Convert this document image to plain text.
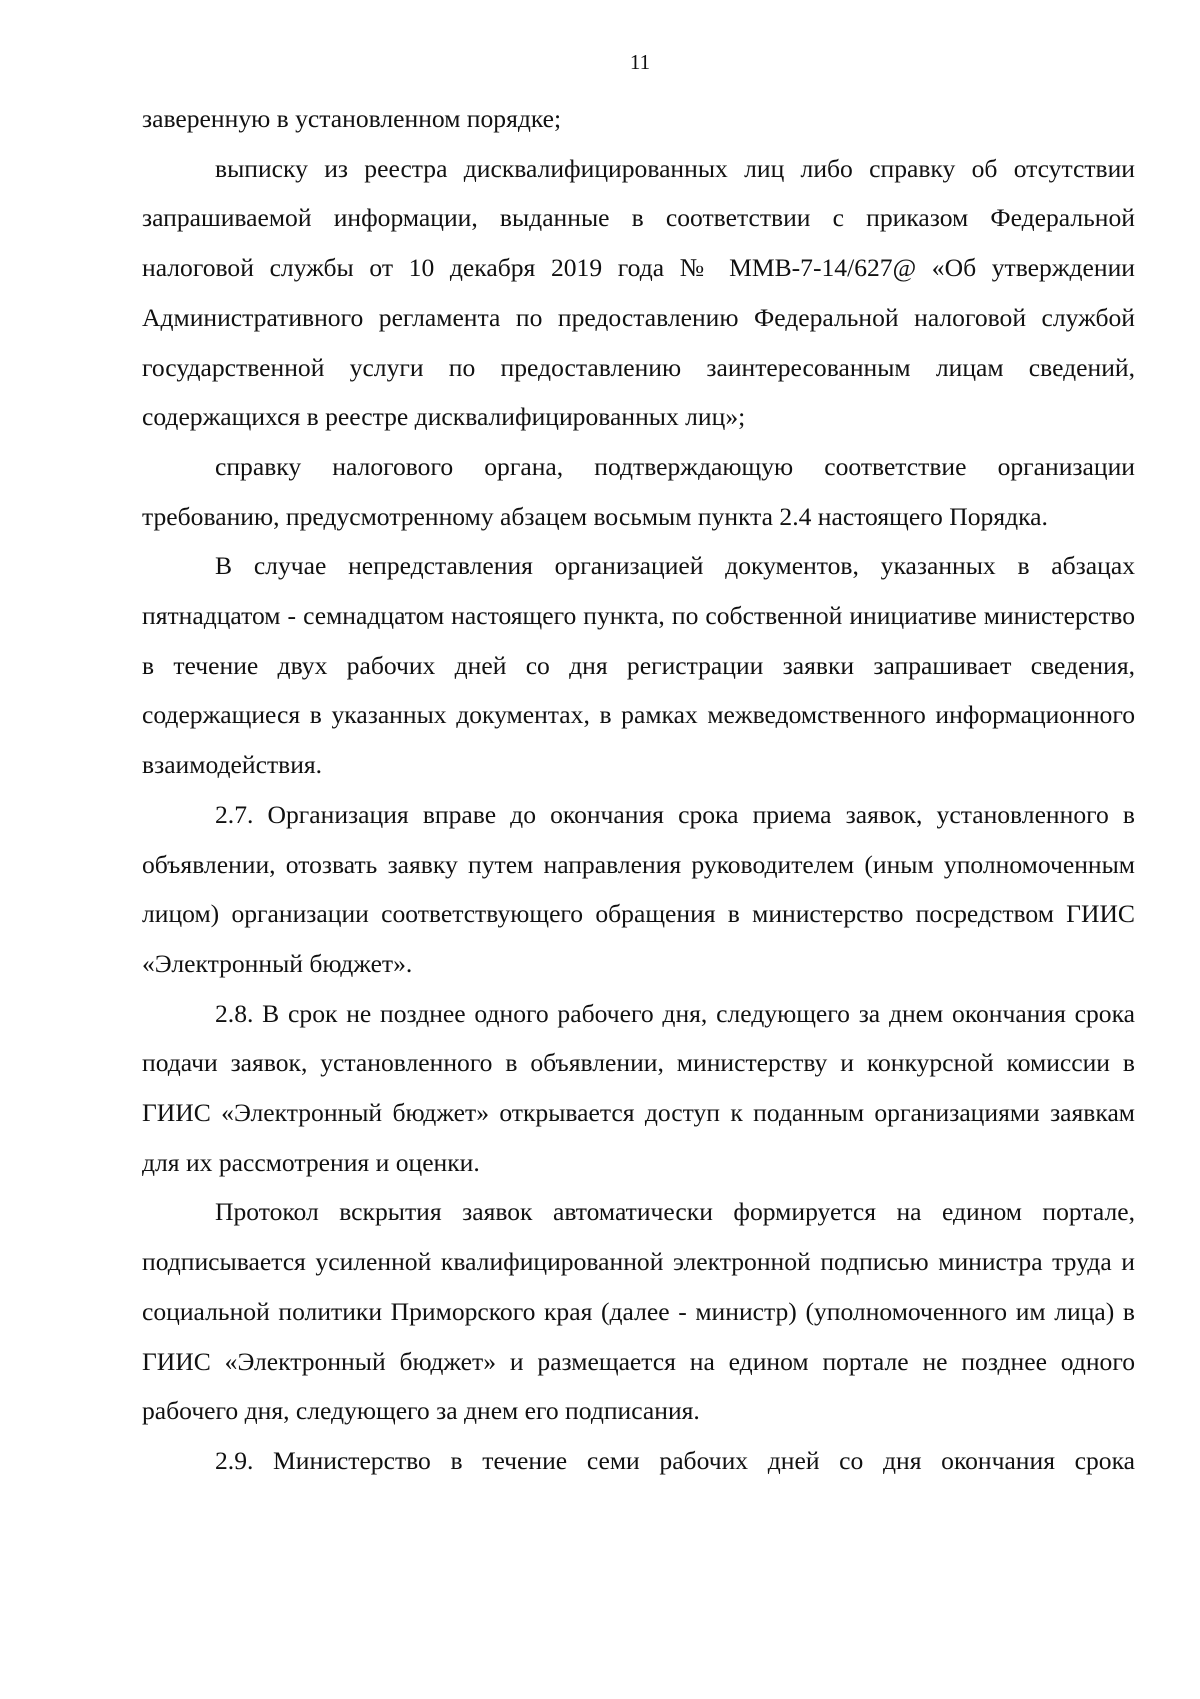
11

заверенную в установленном порядке;

выписку из реестра дисквалифицированных лиц либо справку об отсутствии запрашиваемой информации, выданные в соответствии с приказом Федеральной налоговой службы от 10 декабря 2019 года № ММВ-7-14/627@ «Об утверждении Административного регламента по предоставлению Федеральной налоговой службой государственной услуги по предоставлению заинтересованным лицам сведений, содержащихся в реестре дисквалифицированных лиц»;

справку налогового органа, подтверждающую соответствие организации требованию, предусмотренному абзацем восьмым пункта 2.4 настоящего Порядка.

В случае непредставления организацией документов, указанных в абзацах пятнадцатом - семнадцатом настоящего пункта, по собственной инициативе министерство в течение двух рабочих дней со дня регистрации заявки запрашивает сведения, содержащиеся в указанных документах, в рамках межведомственного информационного взаимодействия.

2.7. Организация вправе до окончания срока приема заявок, установленного в объявлении, отозвать заявку путем направления руководителем (иным уполномоченным лицом) организации соответствующего обращения в министерство посредством ГИИС «Электронный бюджет».

2.8. В срок не позднее одного рабочего дня, следующего за днем окончания срока подачи заявок, установленного в объявлении, министерству и конкурсной комиссии в ГИИС «Электронный бюджет» открывается доступ к поданным организациями заявкам для их рассмотрения и оценки.

Протокол вскрытия заявок автоматически формируется на едином портале, подписывается усиленной квалифицированной электронной подписью министра труда и социальной политики Приморского края (далее - министр) (уполномоченного им лица) в ГИИС «Электронный бюджет» и размещается на едином портале не позднее одного рабочего дня, следующего за днем его подписания.

2.9. Министерство в течение семи рабочих дней со дня окончания срока
